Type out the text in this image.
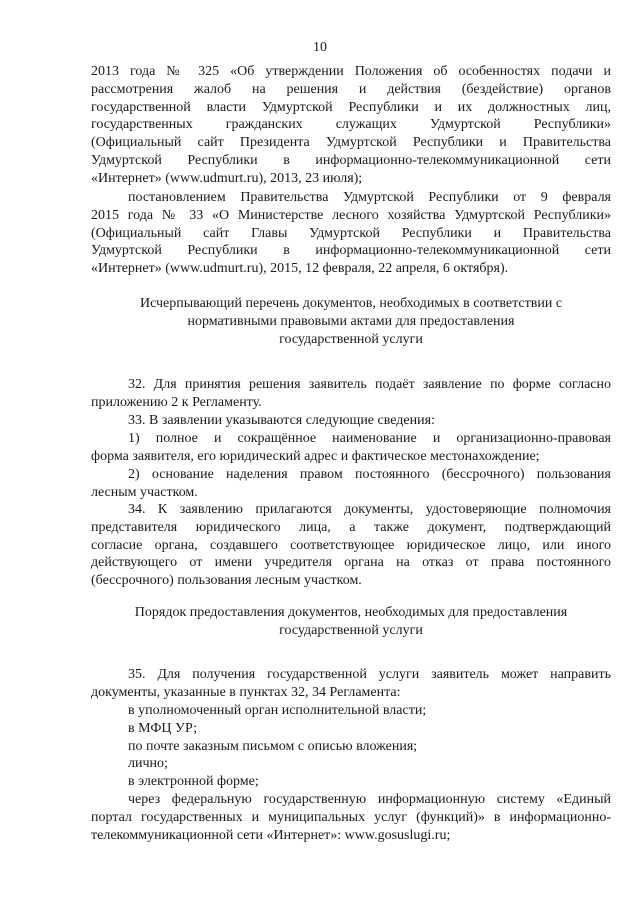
10
2013 года № 325 «Об утверждении Положения об особенностях подачи и
рассмотрения жалоб на решения и действия (бездействие) органов
государственной власти Удмуртской Республики и их должностных лиц,
государственных гражданских служащих Удмуртской Республики»
(Официальный сайт Президента Удмуртской Республики и Правительства
Удмуртской Республики в информационно-телекоммуникационной сети
«Интернет» (www.udmurt.ru), 2013, 23 июля);
постановлением Правительства Удмуртской Республики от 9 февраля
2015 года № 33 «О Министерстве лесного хозяйства Удмуртской Республики»
(Официальный сайт Главы Удмуртской Республики и Правительства
Удмуртской Республики в информационно-телекоммуникационной сети
«Интернет» (www.udmurt.ru), 2015, 12 февраля, 22 апреля, 6 октября).
Исчерпывающий перечень документов, необходимых в соответствии с
нормативными правовыми актами для предоставления
государственной услуги
32. Для принятия решения заявитель подаёт заявление по форме согласно
приложению 2 к Регламенту.
33. В заявлении указываются следующие сведения:
1) полное и сокращённое наименование и организационно-правовая
форма заявителя, его юридический адрес и фактическое местонахождение;
2) основание наделения правом постоянного (бессрочного) пользования
лесным участком.
34. К заявлению прилагаются документы, удостоверяющие полномочия
представителя юридического лица, а также документ, подтверждающий
согласие органа, создавшего соответствующее юридическое лицо, или иного
действующего от имени учредителя органа на отказ от права постоянного
(бессрочного) пользования лесным участком.
Порядок предоставления документов, необходимых для предоставления
государственной услуги
35. Для получения государственной услуги заявитель может направить
документы, указанные в пунктах 32, 34 Регламента:
в уполномоченный орган исполнительной власти;
в МФЦ УР;
по почте заказным письмом с описью вложения;
лично;
в электронной форме;
через федеральную государственную информационную систему «Единый
портал государственных и муниципальных услуг (функций)» в информационно-
телекоммуникационной сети «Интернет»: www.gosuslugi.ru;
